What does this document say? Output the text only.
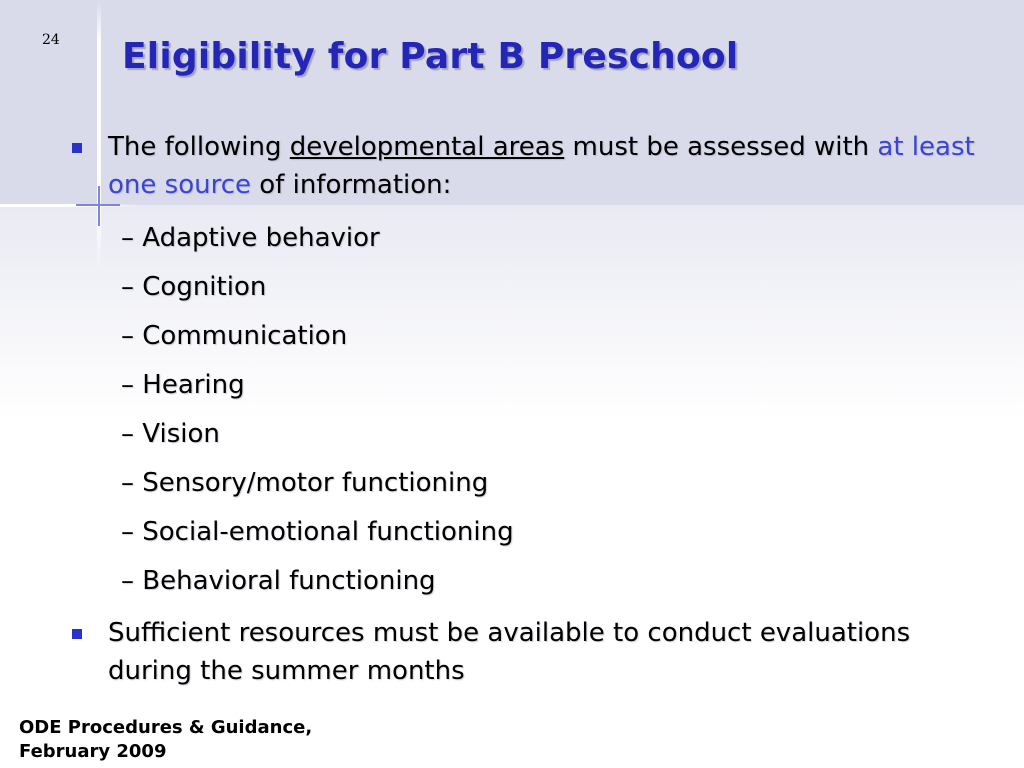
24 Eligibility for Part B Preschool
The following developmental areas must be assessed with at least one source of information:
– Adaptive behavior
– Cognition
– Communication
– Hearing
– Vision
– Sensory/motor functioning
– Social-emotional functioning
– Behavioral functioning
Sufficient resources must be available to conduct evaluations during the summer months
ODE Procedures & Guidance,
February 2009
